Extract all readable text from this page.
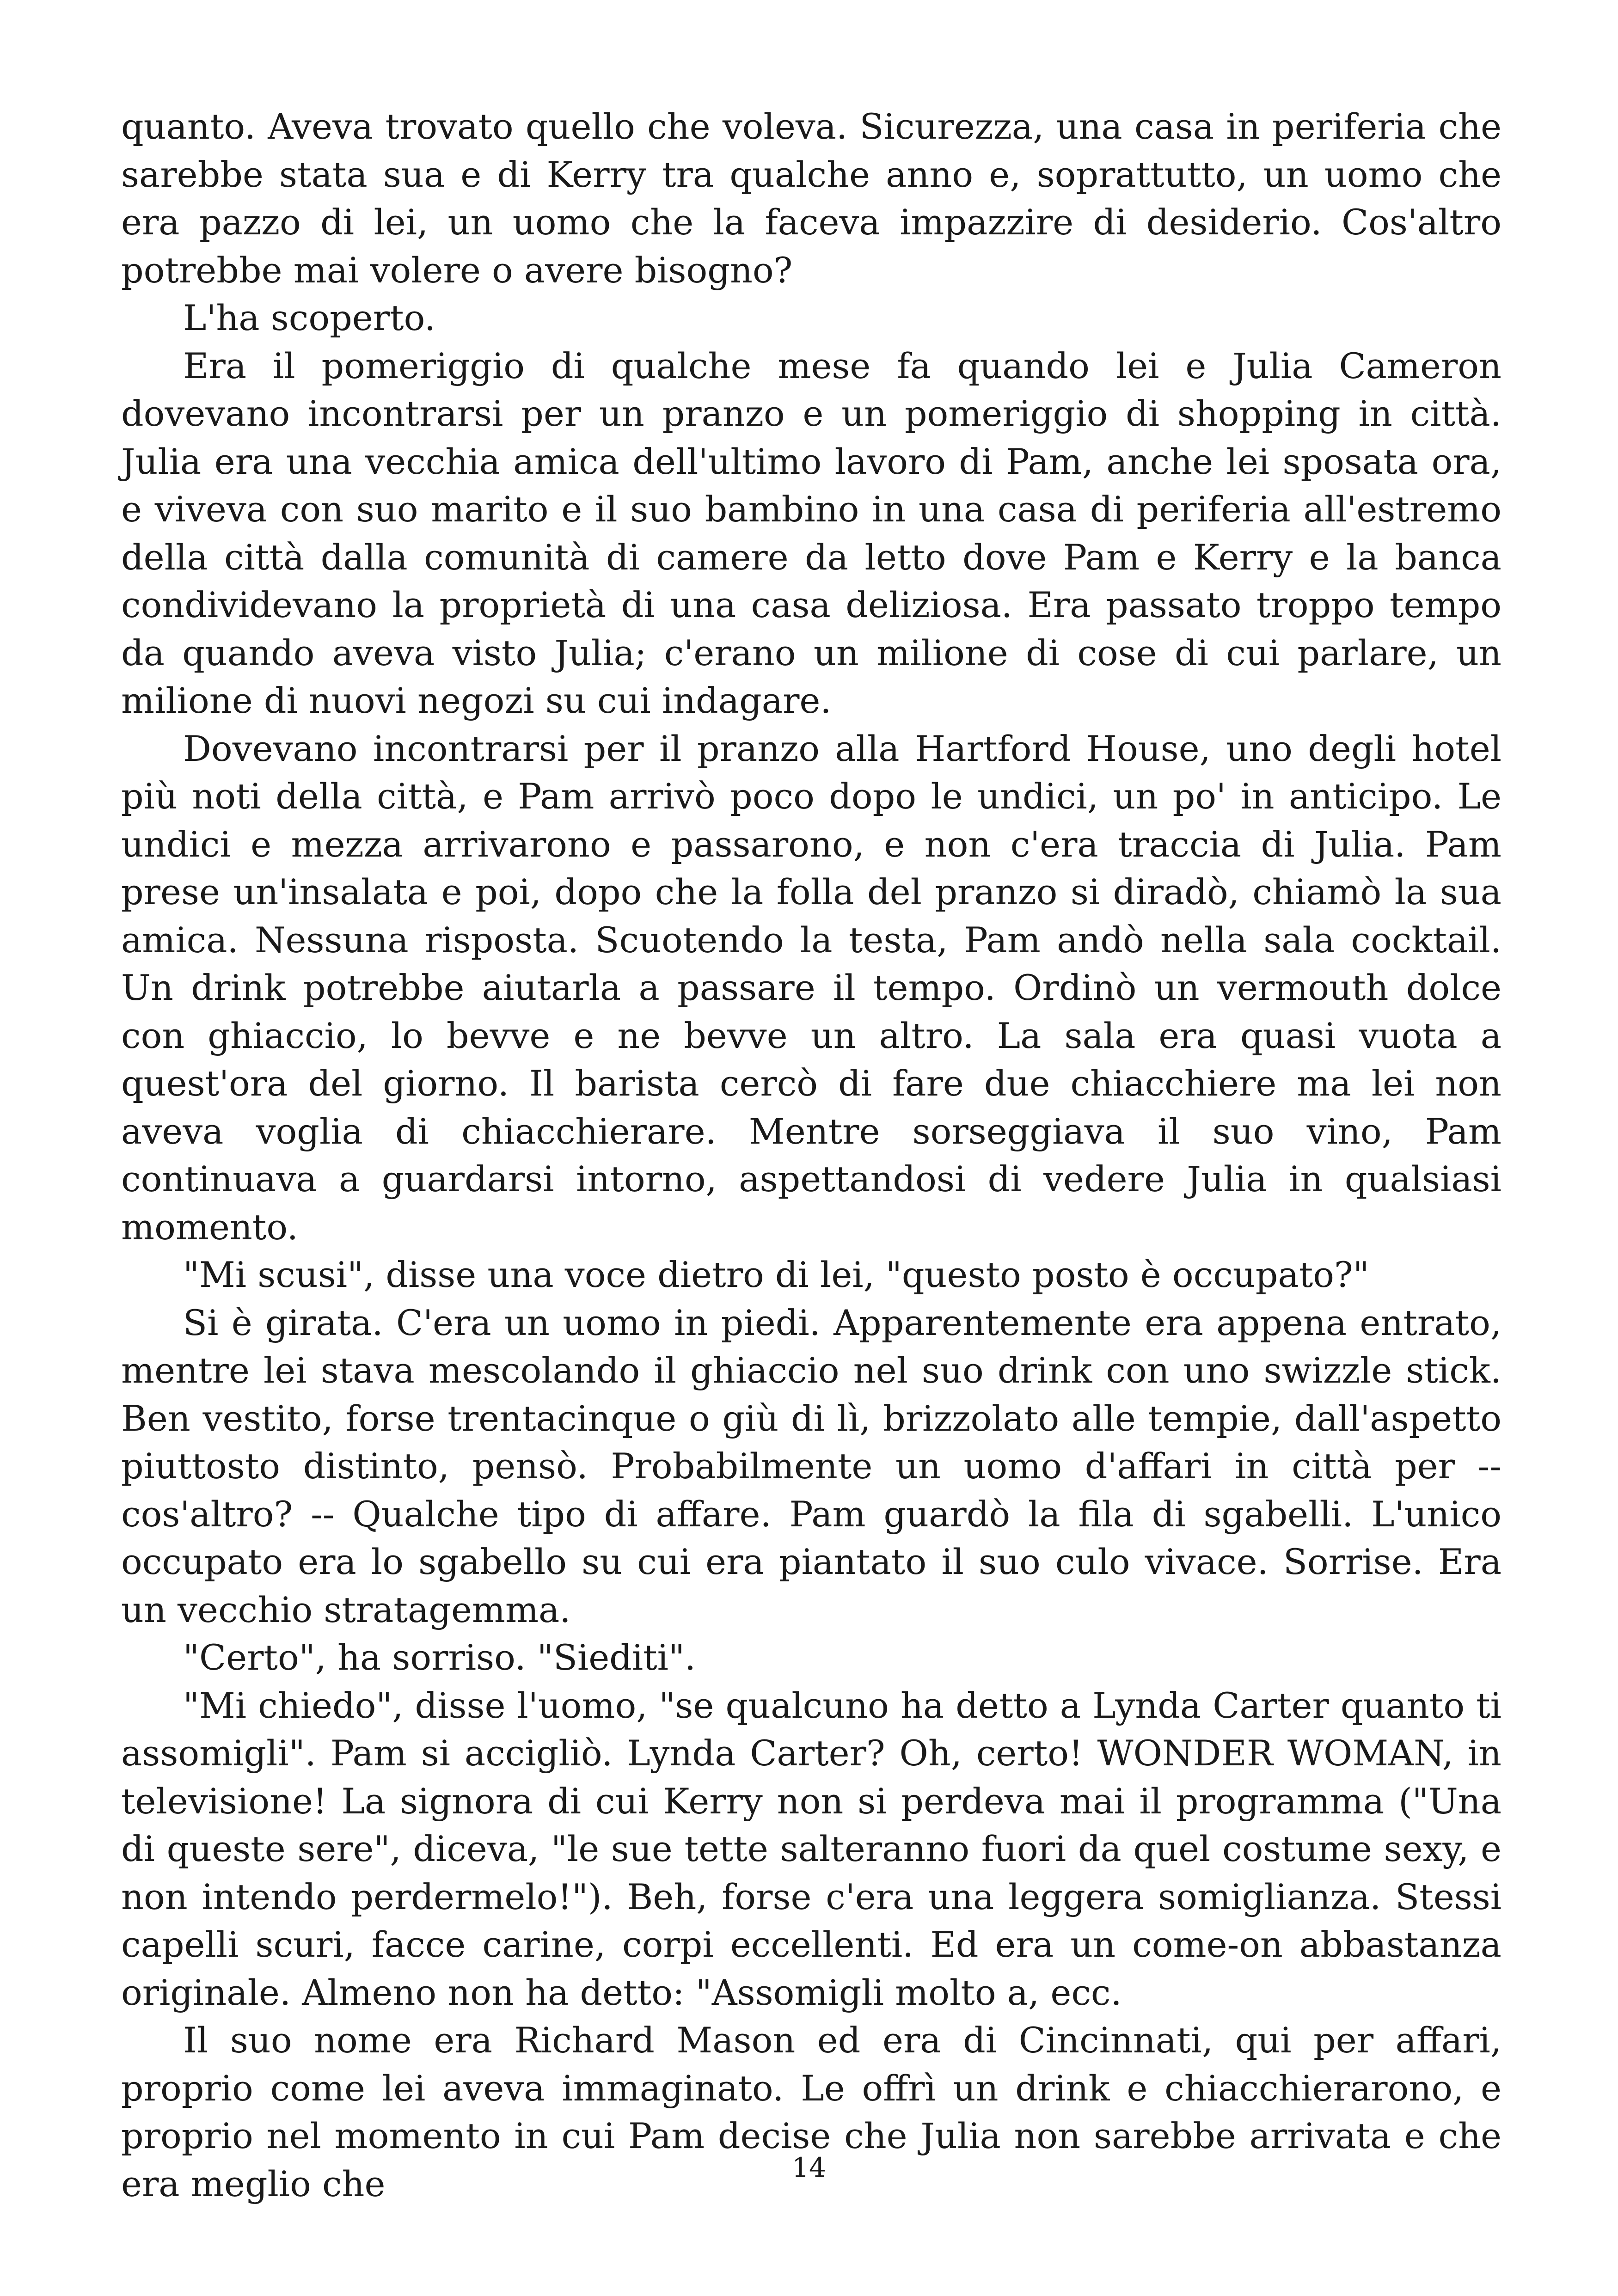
quanto. Aveva trovato quello che voleva. Sicurezza, una casa in periferia che sarebbe stata sua e di Kerry tra qualche anno e, soprattutto, un uomo che era pazzo di lei, un uomo che la faceva impazzire di desiderio. Cos'altro potrebbe mai volere o avere bisogno?

L'ha scoperto.

Era il pomeriggio di qualche mese fa quando lei e Julia Cameron dovevano incontrarsi per un pranzo e un pomeriggio di shopping in città. Julia era una vecchia amica dell'ultimo lavoro di Pam, anche lei sposata ora, e viveva con suo marito e il suo bambino in una casa di periferia all'estremo della città dalla comunità di camere da letto dove Pam e Kerry e la banca condividevano la proprietà di una casa deliziosa. Era passato troppo tempo da quando aveva visto Julia; c'erano un milione di cose di cui parlare, un milione di nuovi negozi su cui indagare.

Dovevano incontrarsi per il pranzo alla Hartford House, uno degli hotel più noti della città, e Pam arrivò poco dopo le undici, un po' in anticipo. Le undici e mezza arrivarono e passarono, e non c'era traccia di Julia. Pam prese un'insalata e poi, dopo che la folla del pranzo si diradò, chiamò la sua amica. Nessuna risposta. Scuotendo la testa, Pam andò nella sala cocktail. Un drink potrebbe aiutarla a passare il tempo. Ordinò un vermouth dolce con ghiaccio, lo bevve e ne bevve un altro. La sala era quasi vuota a quest'ora del giorno. Il barista cercò di fare due chiacchiere ma lei non aveva voglia di chiacchierare. Mentre sorseggiava il suo vino, Pam continuava a guardarsi intorno, aspettandosi di vedere Julia in qualsiasi momento.

"Mi scusi", disse una voce dietro di lei, "questo posto è occupato?"

Si è girata. C'era un uomo in piedi. Apparentemente era appena entrato, mentre lei stava mescolando il ghiaccio nel suo drink con uno swizzle stick. Ben vestito, forse trentacinque o giù di lì, brizzolato alle tempie, dall'aspetto piuttosto distinto, pensò. Probabilmente un uomo d'affari in città per -- cos'altro? -- Qualche tipo di affare. Pam guardò la fila di sgabelli. L'unico occupato era lo sgabello su cui era piantato il suo culo vivace. Sorrise. Era un vecchio stratagemma.

"Certo", ha sorriso. "Siediti".

"Mi chiedo", disse l'uomo, "se qualcuno ha detto a Lynda Carter quanto ti assomigli". Pam si accigliò. Lynda Carter? Oh, certo! WONDER WOMAN, in televisione! La signora di cui Kerry non si perdeva mai il programma ("Una di queste sere", diceva, "le sue tette salteranno fuori da quel costume sexy, e non intendo perdermelo!"). Beh, forse c'era una leggera somiglianza. Stessi capelli scuri, facce carine, corpi eccellenti. Ed era un come-on abbastanza originale. Almeno non ha detto: "Assomigli molto a, ecc.

Il suo nome era Richard Mason ed era di Cincinnati, qui per affari, proprio come lei aveva immaginato. Le offrì un drink e chiacchierarono, e proprio nel momento in cui Pam decise che Julia non sarebbe arrivata e che era meglio che	14
